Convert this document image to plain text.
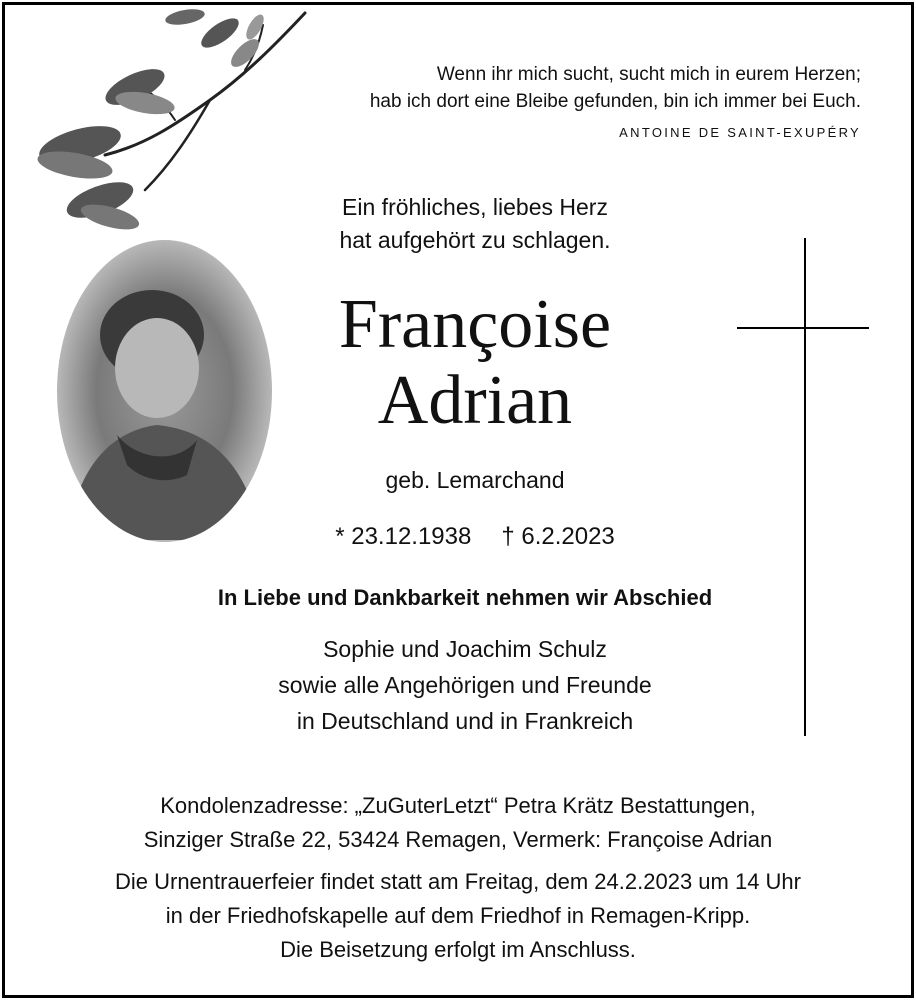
Wenn ihr mich sucht, sucht mich in eurem Herzen;
hab ich dort eine Bleibe gefunden, bin ich immer bei Euch.
ANTOINE DE SAINT-EXUPÉRY
Ein fröhliches, liebes Herz
hat aufgehört zu schlagen.
Françoise
Adrian
geb. Lemarchand
* 23.12.1938 † 6.2.2023
In Liebe und Dankbarkeit nehmen wir Abschied
Sophie und Joachim Schulz
sowie alle Angehörigen und Freunde
in Deutschland und in Frankreich
Kondolenzadresse: „ZuGuterLetzt“ Petra Krätz Bestattungen,
Sinziger Straße 22, 53424 Remagen, Vermerk: Françoise Adrian
Die Urnentrauerfeier findet statt am Freitag, dem 24.2.2023 um 14 Uhr
in der Friedhofskapelle auf dem Friedhof in Remagen-Kripp.
Die Beisetzung erfolgt im Anschluss.
